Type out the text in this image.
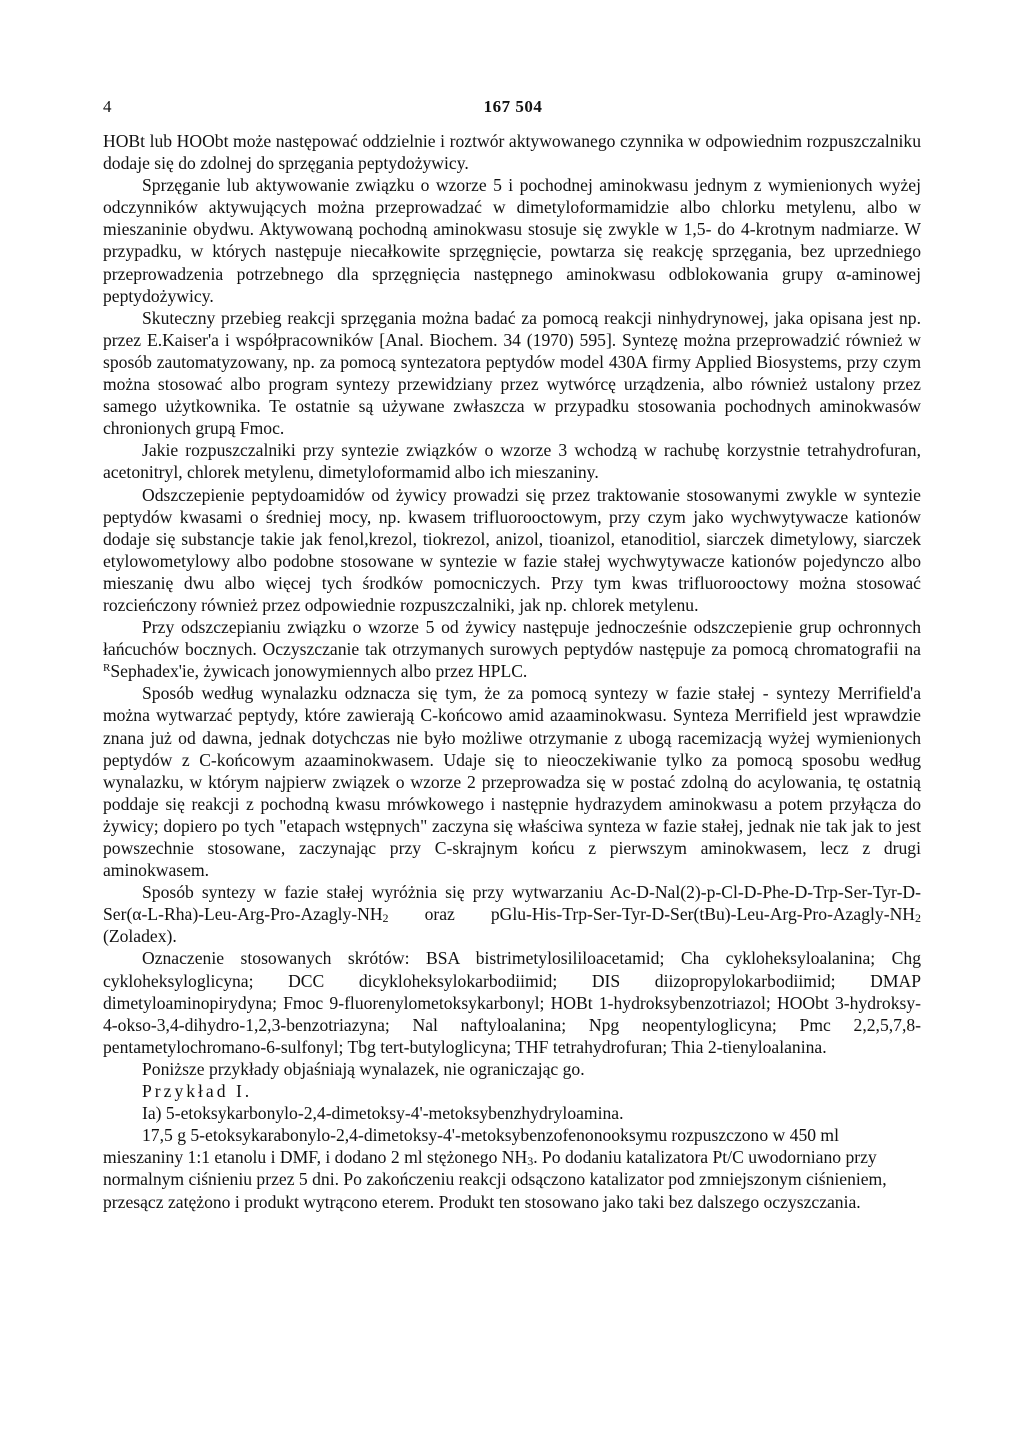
4	167 504

HOBt lub HOObt może następować oddzielnie i roztwór aktywowanego czynnika w odpowiednim rozpuszczalniku dodaje się do zdolnej do sprzęgania peptydożywicy.

Sprzęganie lub aktywowanie związku o wzorze 5 i pochodnej aminokwasu jednym z wymienionych wyżej odczynników aktywujących można przeprowadzać w dimetyloformamidzie albo chlorku metylenu, albo w mieszaninie obydwu. Aktywowaną pochodną aminokwasu stosuje się zwykle w 1,5- do 4-krotnym nadmiarze. W przypadku, w których następuje niecałkowite sprzęgnięcie, powtarza się reakcję sprzęgania, bez uprzedniego przeprowadzenia potrzebnego dla sprzęgnięcia następnego aminokwasu odblokowania grupy α-aminowej peptydożywicy.

Skuteczny przebieg reakcji sprzęgania można badać za pomocą reakcji ninhydrynowej, jaka opisana jest np. przez E.Kaiser'a i współpracowników [Anal. Biochem. 34 (1970) 595]. Syntezę można przeprowadzić również w sposób zautomatyzowany, np. za pomocą syntezatora peptydów model 430A firmy Applied Biosystems, przy czym można stosować albo program syntezy przewidziany przez wytwórcę urządzenia, albo również ustalony przez samego użytkownika. Te ostatnie są używane zwłaszcza w przypadku stosowania pochodnych aminokwasów chronionych grupą Fmoc.

Jakie rozpuszczalniki przy syntezie związków o wzorze 3 wchodzą w rachubę korzystnie tetrahydrofuran, acetonitryl, chlorek metylenu, dimetyloformamid albo ich mieszaniny.

Odszczepienie peptydoamidów od żywicy prowadzi się przez traktowanie stosowanymi zwykle w syntezie peptydów kwasami o średniej mocy, np. kwasem trifluorooctowym, przy czym jako wychwytywacze kationów dodaje się substancje takie jak fenol,krezol, tiokrezol, anizol, tioanizol, etanoditiol, siarczek dimetylowy, siarczek etylowometylowy albo podobne stosowane w syntezie w fazie stałej wychwytywacze kationów pojedynczo albo mieszanię dwu albo więcej tych środków pomocniczych. Przy tym kwas trifluorooctowy można stosować rozcieńczony również przez odpowiednie rozpuszczalniki, jak np. chlorek metylenu.

Przy odszczepianiu związku o wzorze 5 od żywicy następuje jednocześnie odszczepienie grup ochronnych łańcuchów bocznych. Oczyszczanie tak otrzymanych surowych peptydów następuje za pomocą chromatografii na $^R$Sephadex'ie, żywicach jonowymiennych albo przez HPLC.

Sposób według wynalazku odznacza się tym, że za pomocą syntezy w fazie stałej - syntezy Merrifield'a można wytwarzać peptydy, które zawierają C-końcowo amid azaaminokwasu. Synteza Merrifield jest wprawdzie znana już od dawna, jednak dotychczas nie było możliwe otrzymanie z ubogą racemizacją wyżej wymienionych peptydów z C-końcowym azaaminokwasem. Udaje się to nieoczekiwanie tylko za pomocą sposobu według wynalazku, w którym najpierw związek o wzorze 2 przeprowadza się w postać zdolną do acylowania, tę ostatnią poddaje się reakcji z pochodną kwasu mrówkowego i następnie hydrazydem aminokwasu a potem przyłącza do żywicy; dopiero po tych "etapach wstępnych" zaczyna się właściwa synteza w fazie stałej, jednak nie tak jak to jest powszechnie stosowane, zaczynając przy C-skrajnym końcu z pierwszym aminokwasem, lecz z drugi aminokwasem.

Sposób syntezy w fazie stałej wyróżnia się przy wytwarzaniu $Ac-D-Nal(2)-p-Cl-D-Phe-D-Trp-Ser-Tyr-D-Ser(\alpha-L-Rha)-Leu-Arg-Pro-Azagly-NH_2$ oraz pGlu-$His-Trp-Ser-Tyr-D-Ser(tBu)-Leu-Arg-Pro-Azagly-NH_2$ (Zoladex).

Oznaczenie stosowanych skrótów: BSA bistrimetylosililoacetamid; Cha cykloheksyloalanina; Chg cykloheksyloglicyna; DCC dicykloheksylokarbodiimid; DIS diizopropylokarbodiimid; DMAP dimetyloaminopirydyna; Fmoc 9-fluorenylometoksykarbonyl; HOBt 1-hydroksybenzotriazol; HOObt 3-hydroksy-4-okso-3,4-dihydro-1,2,3-benzotriazyna; Nal naftyloalanina; Npg neopentyloglicyna; Pmc 2,2,5,7,8-pentametylochromano-6-sulfonyl; Tbg tert-butyloglicyna; THF tetrahydrofuran; Thia 2-tienyloalanina.

Poniższe przykłady objaśniają wynalazek, nie ograniczając go.

Przykład I.

Ia) 5-etoksykarbonylo-2,4-dimetoksy-4'-metoksybenzhydryloamina.

17,5 g 5-etoksykarabonylo-2,4-dimetoksy-4'-metoksybenzofenonooksymu rozpuszczono w 450 ml mieszaniny 1:1 etanolu i DMF, i dodano 2 ml stężonego $NH_3$. Po dodaniu katalizatora Pt/C uwodorniano przy normalnym ciśnieniu przez 5 dni. Po zakończeniu reakcji odsączono katalizator pod zmniejszonym ciśnieniem, przesącz zatężono i produkt wytrącono eterem. Produkt ten stosowano jako taki bez dalszego oczyszczania.
